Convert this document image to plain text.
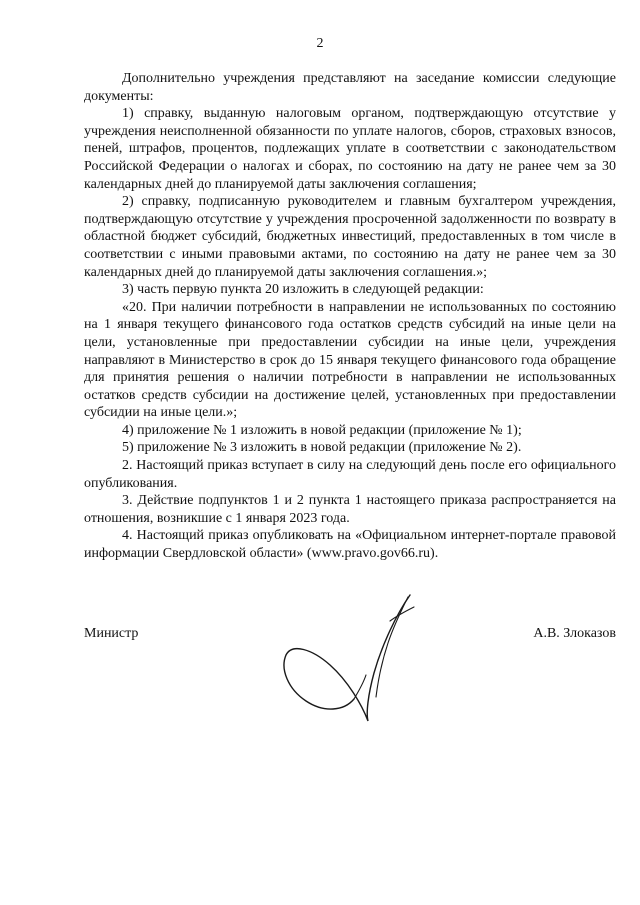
2

Дополнительно учреждения представляют на заседание комиссии следующие документы:

1) справку, выданную налоговым органом, подтверждающую отсутствие у учреждения неисполненной обязанности по уплате налогов, сборов, страховых взносов, пеней, штрафов, процентов, подлежащих уплате в соответствии с законодательством Российской Федерации о налогах и сборах, по состоянию на дату не ранее чем за 30 календарных дней до планируемой даты заключения соглашения;

2) справку, подписанную руководителем и главным бухгалтером учреждения, подтверждающую отсутствие у учреждения просроченной задолженности по возврату в областной бюджет субсидий, бюджетных инвестиций, предоставленных в том числе в соответствии с иными правовыми актами, по состоянию на дату не ранее чем за 30 календарных дней до планируемой даты заключения соглашения.»;

3) часть первую пункта 20 изложить в следующей редакции:

«20. При наличии потребности в направлении не использованных по состоянию на 1 января текущего финансового года остатков средств субсидий на иные цели на цели, установленные при предоставлении субсидии на иные цели, учреждения направляют в Министерство в срок до 15 января текущего финансового года обращение для принятия решения о наличии потребности в направлении не использованных остатков средств субсидии на достижение целей, установленных при предоставлении субсидии на иные цели.»;

4) приложение № 1 изложить в новой редакции (приложение № 1);

5) приложение № 3 изложить в новой редакции (приложение № 2).

2. Настоящий приказ вступает в силу на следующий день после его официального опубликования.

3. Действие подпунктов 1 и 2 пункта 1 настоящего приказа распространяется на отношения, возникшие с 1 января 2023 года.

4. Настоящий приказ опубликовать на «Официальном интернет-портале правовой информации Свердловской области» (www.pravo.gov66.ru).

Министр	А.В. Злоказов
